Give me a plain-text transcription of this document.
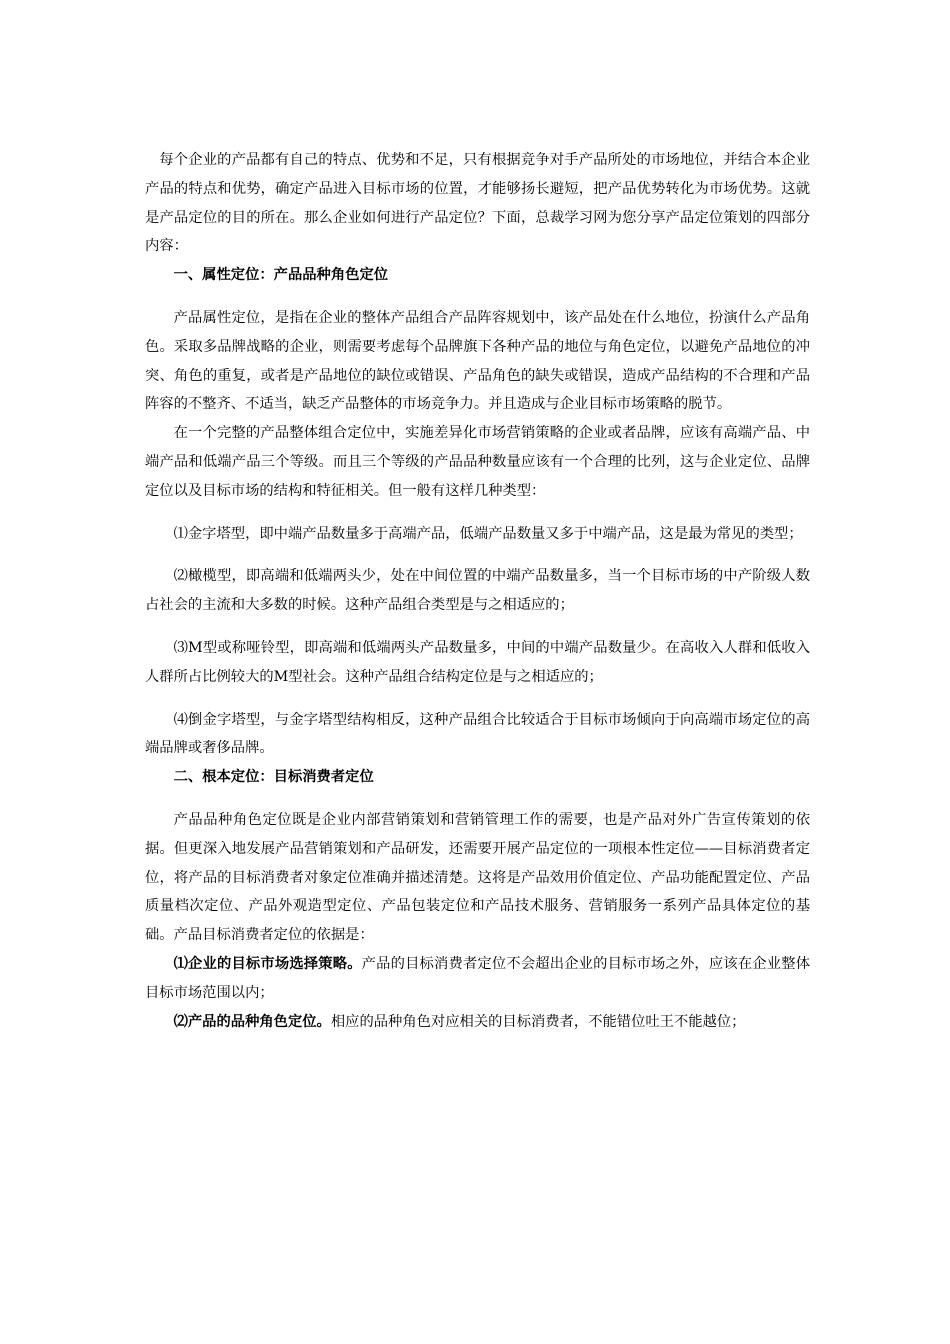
每个企业的产品都有自己的特点、优势和不足，只有根据竞争对手产品所处的市场地位，并结合本企业产品的特点和优势，确定产品进入目标市场的位置，才能够扬长避短，把产品优势转化为市场优势。这就是产品定位的目的所在。那么企业如何进行产品定位？下面，总裁学习网为您分享产品定位策划的四部分内容：

一、属性定位：产品品种角色定位

产品属性定位，是指在企业的整体产品组合产品阵容规划中，该产品处在什么地位，扮演什么产品角色。采取多品牌战略的企业，则需要考虑每个品牌旗下各种产品的地位与角色定位，以避免产品地位的冲突、角色的重复，或者是产品地位的缺位或错误、产品角色的缺失或错误，造成产品结构的不合理和产品阵容的不整齐、不适当，缺乏产品整体的市场竞争力。并且造成与企业目标市场策略的脱节。

在一个完整的产品整体组合定位中，实施差异化市场营销策略的企业或者品牌，应该有高端产品、中端产品和低端产品三个等级。而且三个等级的产品品种数量应该有一个合理的比列，这与企业定位、品牌定位以及目标市场的结构和特征相关。但一般有这样几种类型：

⑴金字塔型，即中端产品数量多于高端产品，低端产品数量又多于中端产品，这是最为常见的类型；

⑵橄榄型，即高端和低端两头少，处在中间位置的中端产品数量多，当一个目标市场的中产阶级人数占社会的主流和大多数的时候。这种产品组合类型是与之相适应的；

⑶M型或称哑铃型，即高端和低端两头产品数量多，中间的中端产品数量少。在高收入人群和低收入人群所占比例较大的M型社会。这种产品组合结构定位是与之相适应的；

⑷倒金字塔型，与金字塔型结构相反，这种产品组合比较适合于目标市场倾向于向高端市场定位的高端品牌或奢侈品牌。

二、根本定位：目标消费者定位

产品品种角色定位既是企业内部营销策划和营销管理工作的需要，也是产品对外广告宣传策划的依据。但更深入地发展产品营销策划和产品研发，还需要开展产品定位的一项根本性定位——目标消费者定位，将产品的目标消费者对象定位准确并描述清楚。这将是产品效用价值定位、产品功能配置定位、产品质量档次定位、产品外观造型定位、产品包装定位和产品技术服务、营销服务一系列产品具体定位的基础。产品目标消费者定位的依据是：

⑴企业的目标市场选择策略。产品的目标消费者定位不会超出企业的目标市场之外，应该在企业整体目标市场范围以内；

⑵产品的品种角色定位。相应的品种角色对应相关的目标消费者，不能错位吐王不能越位；
